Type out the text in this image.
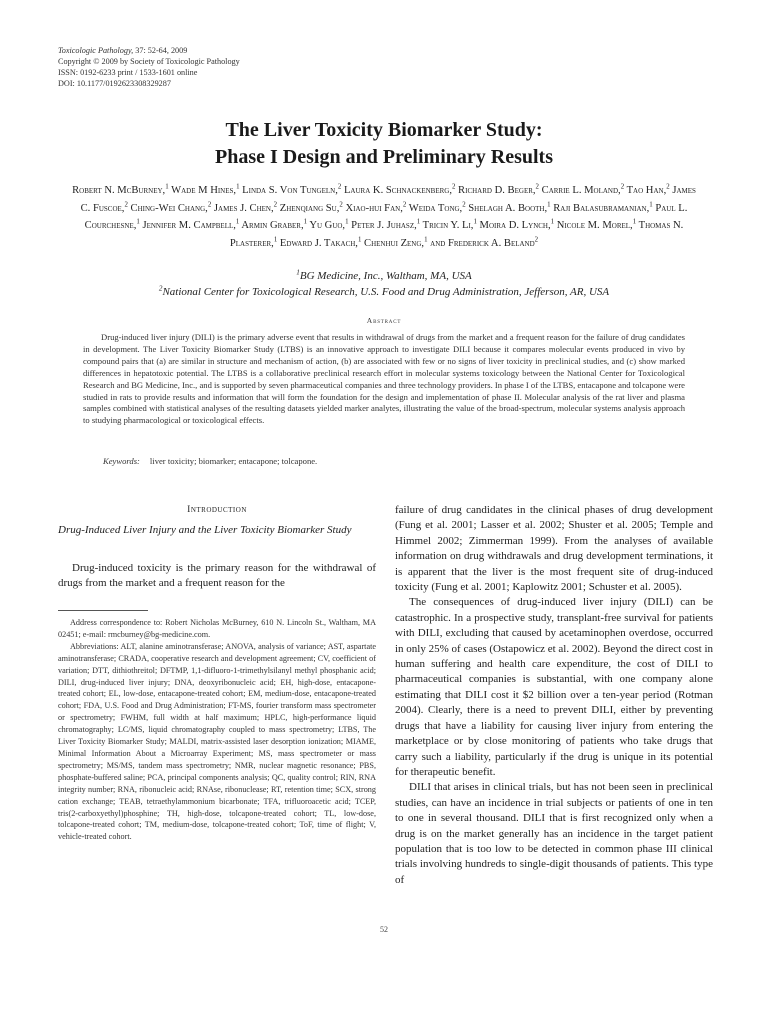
Toxicologic Pathology, 37: 52-64, 2009
Copyright © 2009 by Society of Toxicologic Pathology
ISSN: 0192-6233 print / 1533-1601 online
DOI: 10.1177/0192623308329287
The Liver Toxicity Biomarker Study:
Phase I Design and Preliminary Results
Robert N. McBurney,$^1$ Wade M Hines,$^1$ Linda S. Von Tungeln,$^2$ Laura K. Schnackenberg,$^2$ Richard D. Beger,$^2$ Carrie L. Moland,$^2$ Tao Han,$^2$ James C. Fuscoe,$^2$ Ching-Wei Chang,$^2$ James J. Chen,$^2$ Zhenqiang Su,$^2$ Xiao-hui Fan,$^2$ Weida Tong,$^2$ Shelagh A. Booth,$^1$ Raji Balasubramanian,$^1$ Paul L. Courchesne,$^1$ Jennifer M. Campbell,$^1$ Armin Graber,$^1$ Yu Guo,$^1$ Peter J. Juhasz,$^1$ Tricin Y. Li,$^1$ Moira D. Lynch,$^1$ Nicole M. Morel,$^1$ Thomas N. Plasterer,$^1$ Edward J. Takach,$^1$ Chenhui Zeng,$^1$ and Frederick A. Beland$^2$
$^1$BG Medicine, Inc., Waltham, MA, USA
$^2$National Center for Toxicological Research, U.S. Food and Drug Administration, Jefferson, AR, USA
Abstract
Drug-induced liver injury (DILI) is the primary adverse event that results in withdrawal of drugs from the market and a frequent reason for the failure of drug candidates in development. The Liver Toxicity Biomarker Study (LTBS) is an innovative approach to investigate DILI because it compares molecular events produced in vivo by compound pairs that (a) are similar in structure and mechanism of action, (b) are associated with few or no signs of liver toxicity in preclinical studies, and (c) show marked differences in hepatotoxic potential. The LTBS is a collaborative preclinical research effort in molecular systems toxicology between the National Center for Toxicological Research and BG Medicine, Inc., and is supported by seven pharmaceutical companies and three technology providers. In phase I of the LTBS, entacapone and tolcapone were studied in rats to provide results and information that will form the foundation for the design and implementation of phase II. Molecular analysis of the rat liver and plasma samples combined with statistical analyses of the resulting datasets yielded marker analytes, illustrating the value of the broad-spectrum, molecular systems analysis approach to studying pharmacological or toxicological effects.
Keywords: liver toxicity; biomarker; entacapone; tolcapone.
Introduction
Drug-Induced Liver Injury and the Liver Toxicity Biomarker Study

Drug-induced toxicity is the primary reason for the withdrawal of drugs from the market and a frequent reason for the

Address correspondence to: Robert Nicholas McBurney, 610 N. Lincoln St., Waltham, MA 02451; e-mail: rmcburney@bg-medicine.com.

Abbreviations: ALT, alanine aminotransferase; ANOVA, analysis of variance; AST, aspartate aminotransferase; CRADA, cooperative research and development agreement; CV, coefficient of variation; DTT, dithiothreitol; DFTMP, 1,1-difluoro-1-trimethylsilanyl methyl phosphanic acid; DILI, drug-induced liver injury; DNA, deoxyribonucleic acid; EH, high-dose, entacapone-treated cohort; EL, low-dose, entacapone-treated cohort; EM, medium-dose, entacapone-treated cohort; FDA, U.S. Food and Drug Administration; FT-MS, fourier transform mass spectrometer or spectrometry; FWHM, full width at half maximum; HPLC, high-performance liquid chromatography; LC/MS, liquid chromatography coupled to mass spectrometry; LTBS, The Liver Toxicity Biomarker Study; MALDI, matrix-assisted laser desorption ionization; MIAME, Minimal Information About a Microarray Experiment; MS, mass spectrometer or mass spectrometry; MS/MS, tandem mass spectrometry; NMR, nuclear magnetic resonance; PBS, phosphate-buffered saline; PCA, principal components analysis; QC, quality control; RIN, RNA integrity number; RNA, ribonucleic acid; RNAse, ribonuclease; RT, retention time; SCX, strong cation exchange; TEAB, tetraethylammonium bicarbonate; TFA, trifluoroacetic acid; TCEP, tris(2-carboxyethyl)phosphine; TH, high-dose, tolcapone-treated cohort; TL, low-dose, tolcapone-treated cohort; TM, medium-dose, tolcapone-treated cohort; ToF, time of flight; V, vehicle-treated cohort.

failure of drug candidates in the clinical phases of drug development (Fung et al. 2001; Lasser et al. 2002; Shuster et al. 2005; Temple and Himmel 2002; Zimmerman 1999). From the analyses of available information on drug withdrawals and drug development terminations, it is apparent that the liver is the most frequent site of drug-induced toxicity (Fung et al. 2001; Kaplowitz 2001; Schuster et al. 2005).

The consequences of drug-induced liver injury (DILI) can be catastrophic. In a prospective study, transplant-free survival for patients with DILI, excluding that caused by acetaminophen overdose, occurred in only 25% of cases (Ostapowicz et al. 2002). Beyond the direct cost in human suffering and health care expenditure, the cost of DILI to pharmaceutical companies is substantial, with one company alone estimating that DILI cost it $2 billion over a ten-year period (Rotman 2004). Clearly, there is a need to prevent DILI, either by preventing drugs that have a liability for causing liver injury from entering the marketplace or by close monitoring of patients who take drugs that carry such a liability, particularly if the drug is unique in its potential for therapeutic benefit.

DILI that arises in clinical trials, but has not been seen in preclinical studies, can have an incidence in trial subjects or patients of one in ten to one in several thousand. DILI that is first recognized only when a drug is on the market generally has an incidence in the target patient population that is too low to be detected in common phase III clinical trials involving hundreds to single-digit thousands of patients. This type of

52
